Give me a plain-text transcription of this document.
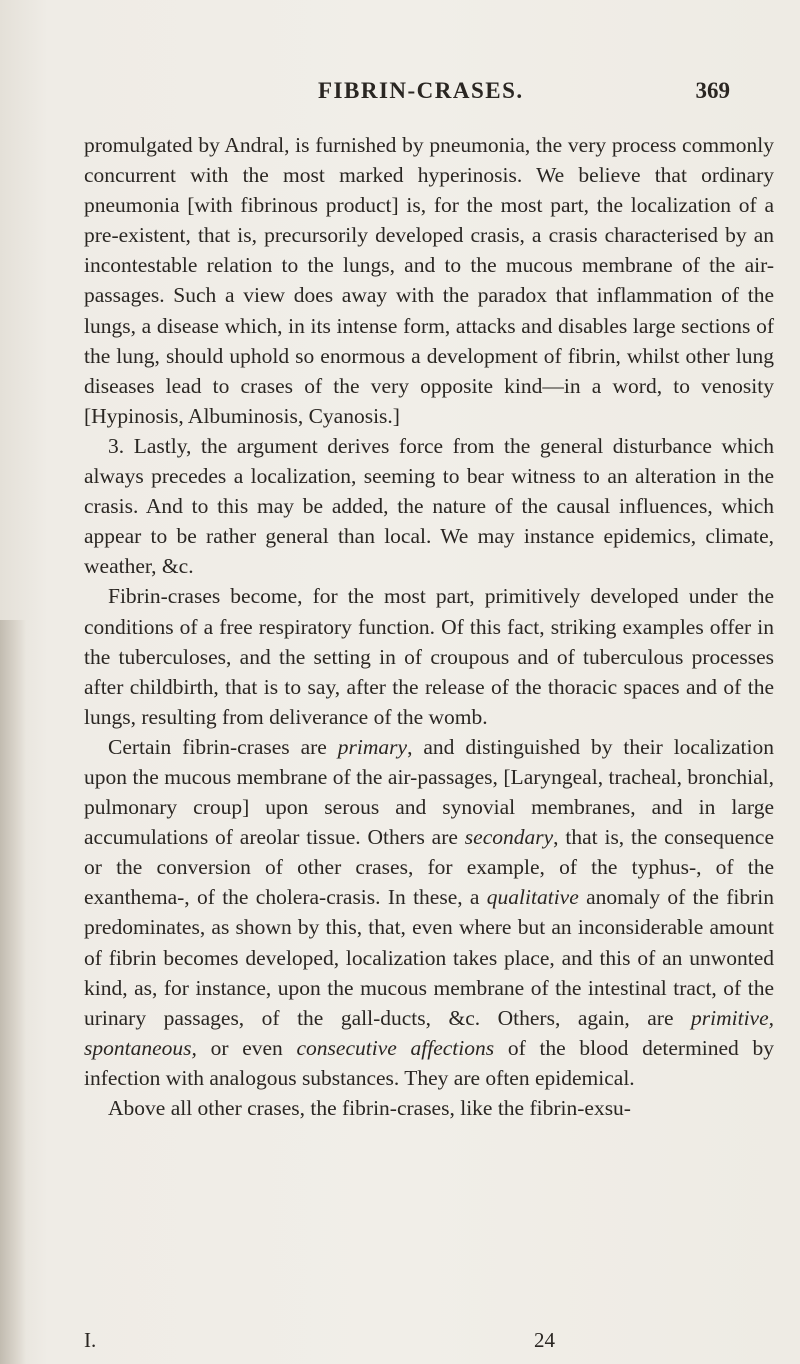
FIBRIN-CRASES.	369

promulgated by Andral, is furnished by pneumonia, the very process commonly concurrent with the most marked hyperinosis. We believe that ordinary pneumonia [with fibrinous product] is, for the most part, the localization of a pre-existent, that is, precursorily developed crasis, a crasis characterised by an incontestable relation to the lungs, and to the mucous membrane of the air-passages. Such a view does away with the paradox that inflammation of the lungs, a disease which, in its intense form, attacks and disables large sections of the lung, should uphold so enormous a development of fibrin, whilst other lung diseases lead to crases of the very opposite kind—in a word, to venosity [Hypinosis, Albuminosis, Cyanosis.]

3. Lastly, the argument derives force from the general disturbance which always precedes a localization, seeming to bear witness to an alteration in the crasis. And to this may be added, the nature of the causal influences, which appear to be rather general than local. We may instance epidemics, climate, weather, &c.

Fibrin-crases become, for the most part, primitively developed under the conditions of a free respiratory function. Of this fact, striking examples offer in the tuberculoses, and the setting in of croupous and of tuberculous processes after childbirth, that is to say, after the release of the thoracic spaces and of the lungs, resulting from deliverance of the womb.

Certain fibrin-crases are primary, and distinguished by their localization upon the mucous membrane of the air-passages, [Laryngeal, tracheal, bronchial, pulmonary croup] upon serous and synovial membranes, and in large accumulations of areolar tissue. Others are secondary, that is, the consequence or the conversion of other crases, for example, of the typhus-, of the exanthema-, of the cholera-crasis. In these, a qualitative anomaly of the fibrin predominates, as shown by this, that, even where but an inconsiderable amount of fibrin becomes developed, localization takes place, and this of an unwonted kind, as, for instance, upon the mucous membrane of the intestinal tract, of the urinary passages, of the gall-ducts, &c. Others, again, are primitive, spontaneous, or even consecutive affections of the blood determined by infection with analogous substances. They are often epidemical.

Above all other crases, the fibrin-crases, like the fibrin-exsu-

I.	24
